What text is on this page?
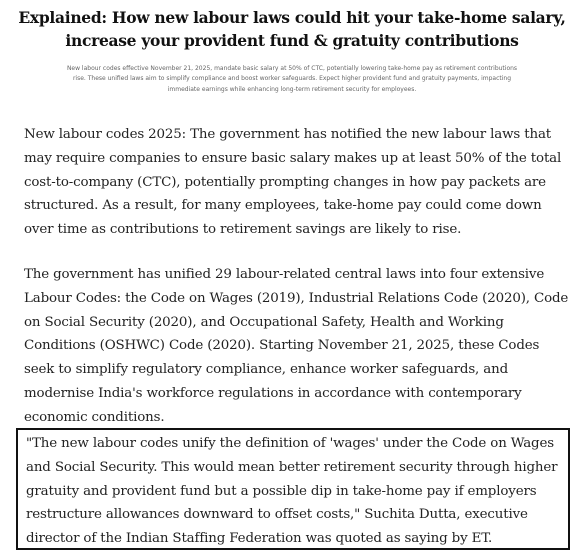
Explained: How new labour laws could hit your take-home salary, increase your provident fund & gratuity contributions

New labour codes effective November 21, 2025, mandate basic salary at 50% of CTC, potentially lowering take-home pay as retirement contributions rise. These unified laws aim to simplify compliance and boost worker safeguards. Expect higher provident fund and gratuity payments, impacting immediate earnings while enhancing long-term retirement security for employees.

New labour codes 2025: The government has notified the new labour laws that may require companies to ensure basic salary makes up at least 50% of the total cost-to-company (CTC), potentially prompting changes in how pay packets are structured. As a result, for many employees, take-home pay could come down over time as contributions to retirement savings are likely to rise.

The government has unified 29 labour-related central laws into four extensive Labour Codes: the Code on Wages (2019), Industrial Relations Code (2020), Code on Social Security (2020), and Occupational Safety, Health and Working Conditions (OSHWC) Code (2020). Starting November 21, 2025, these Codes seek to simplify regulatory compliance, enhance worker safeguards, and modernise India's workforce regulations in accordance with contemporary economic conditions.

"The new labour codes unify the definition of 'wages' under the Code on Wages and Social Security. This would mean better retirement security through higher gratuity and provident fund but a possible dip in take-home pay if employers restructure allowances downward to offset costs," Suchita Dutta, executive director of the Indian Staffing Federation was quoted as saying by ET.
